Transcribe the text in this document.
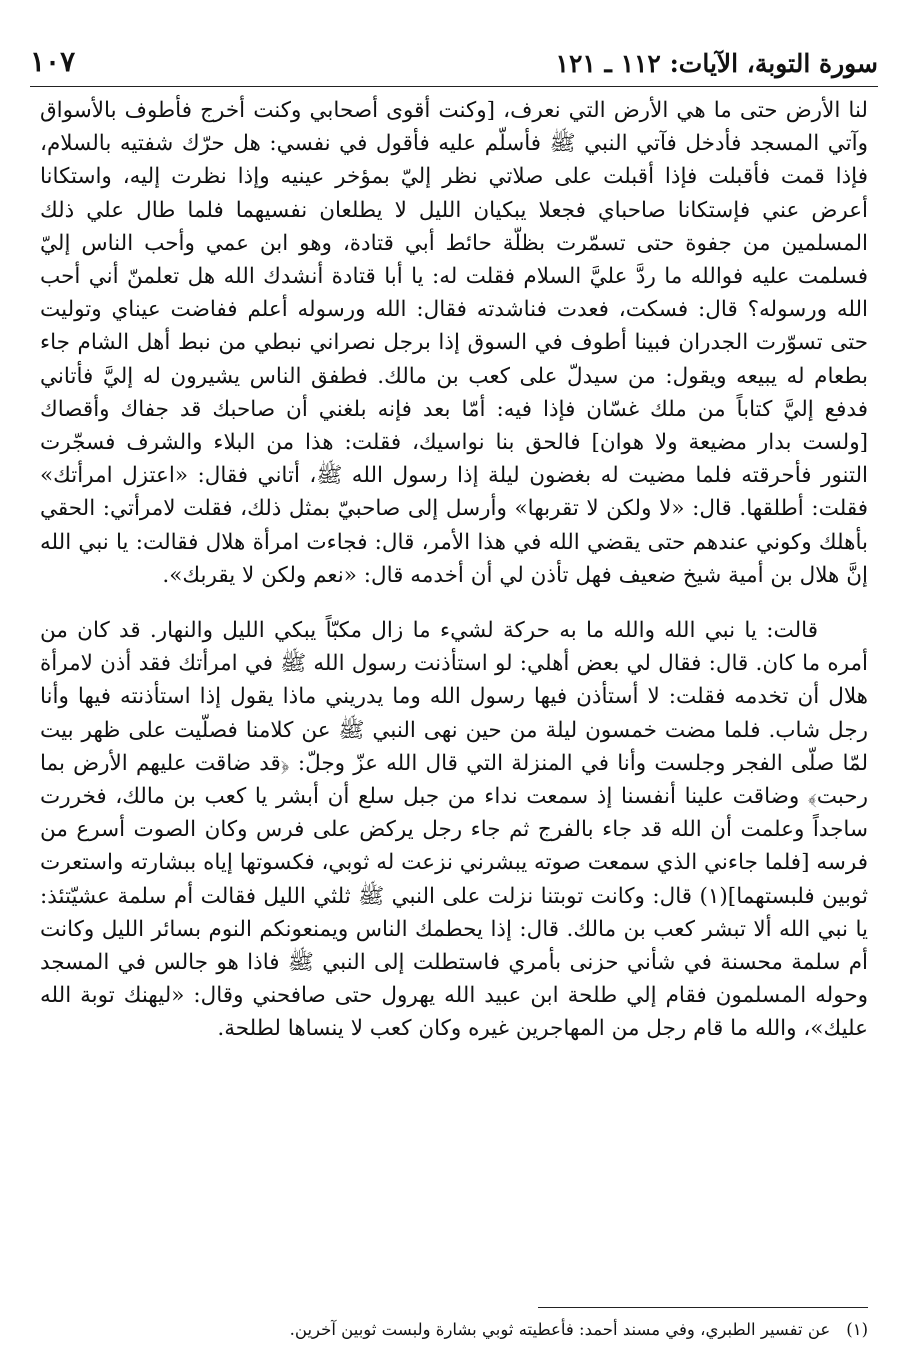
سورة التوبة، الآيات: ١١٢ ـ ١٢١
١٠٧

لنا الأرض حتى ما هي الأرض التي نعرف، [وكنت أقوى أصحابي وكنت أخرج فأطوف بالأسواق وآتي المسجد فأدخل فآتي النبي ﷺ فأسلّم عليه فأقول في نفسي: هل حرّك شفتيه بالسلام، فإذا قمت فأقبلت فإذا أقبلت على صلاتي نظر إليّ بمؤخر عينيه وإذا نظرت إليه، واستكانا أعرض عني فإستكانا صاحباي فجعلا يبكيان الليل لا يطلعان نفسيهما فلما طال علي ذلك المسلمين من جفوة حتى تسمّرت بظلّة حائط أبي قتادة، وهو ابن عمي وأحب الناس إليّ فسلمت عليه فوالله ما ردَّ عليَّ السلام فقلت له: يا أبا قتادة أنشدك الله هل تعلمنّ أني أحب الله ورسوله؟ قال: فسكت، فعدت فناشدته فقال: الله ورسوله أعلم ففاضت عيناي وتوليت حتى تسوّرت الجدران فبينا أطوف في السوق إذا برجل نصراني نبطي من نبط أهل الشام جاء بطعام له يبيعه ويقول: من سيدلّ على كعب بن مالك. فطفق الناس يشيرون له إليَّ فأتاني فدفع إليَّ كتاباً من ملك غسّان فإذا فيه: أمّا بعد فإنه بلغني أن صاحبك قد جفاك وأقصاك [ولست بدار مضيعة ولا هوان] فالحق بنا نواسيك، فقلت: هذا من البلاء والشرف فسجّرت التنور فأحرقته فلما مضيت له بغضون ليلة إذا رسول الله ﷺ، أتاني فقال: «اعتزل امرأتك» فقلت: أطلقها. قال: «لا ولكن لا تقربها» وأرسل إلى صاحبيّ بمثل ذلك، فقلت لامرأتي: الحقي بأهلك وكوني عندهم حتى يقضي الله في هذا الأمر، قال: فجاءت امرأة هلال فقالت: يا نبي الله إنَّ هلال بن أمية شيخ ضعيف فهل تأذن لي أن أخدمه قال: «نعم ولكن لا يقربك».

قالت: يا نبي الله والله ما به حركة لشيء ما زال مكبّاً يبكي الليل والنهار. قد كان من أمره ما كان. قال: فقال لي بعض أهلي: لو استأذنت رسول الله ﷺ في امرأتك فقد أذن لامرأة هلال أن تخدمه فقلت: لا أستأذن فيها رسول الله وما يدريني ماذا يقول إذا استأذنته فيها وأنا رجل شاب. فلما مضت خمسون ليلة من حين نهى النبي ﷺ عن كلامنا فصلّيت على ظهر بيت لمّا صلّى الفجر وجلست وأنا في المنزلة التي قال الله عزّ وجلّ: ﴿قد ضاقت عليهم الأرض بما رحبت﴾ وضاقت علينا أنفسنا إذ سمعت نداء من جبل سلع أن أبشر يا كعب بن مالك، فخررت ساجداً وعلمت أن الله قد جاء بالفرج ثم جاء رجل يركض على فرس وكان الصوت أسرع من فرسه [فلما جاءني الذي سمعت صوته يبشرني نزعت له ثوبي، فكسوتها إياه ببشارته واستعرت ثوبين فلبستهما](١) قال: وكانت توبتنا نزلت على النبي ﷺ ثلثي الليل فقالت أم سلمة عشيّتئذ: يا نبي الله ألا تبشر كعب بن مالك. قال: إذا يحطمك الناس ويمنعونكم النوم بسائر الليل وكانت أم سلمة محسنة في شأني حزنى بأمري فاستطلت إلى النبي ﷺ فاذا هو جالس في المسجد وحوله المسلمون فقام إلي طلحة ابن عبيد الله يهرول حتى صافحني وقال: «ليهنك توبة الله عليك»، والله ما قام رجل من المهاجرين غيره وكان كعب لا ينساها لطلحة.

(١)عن تفسير الطبري، وفي مسند أحمد: فأعطيته ثوبي بشارة ولبست ثوبين آخرين.
